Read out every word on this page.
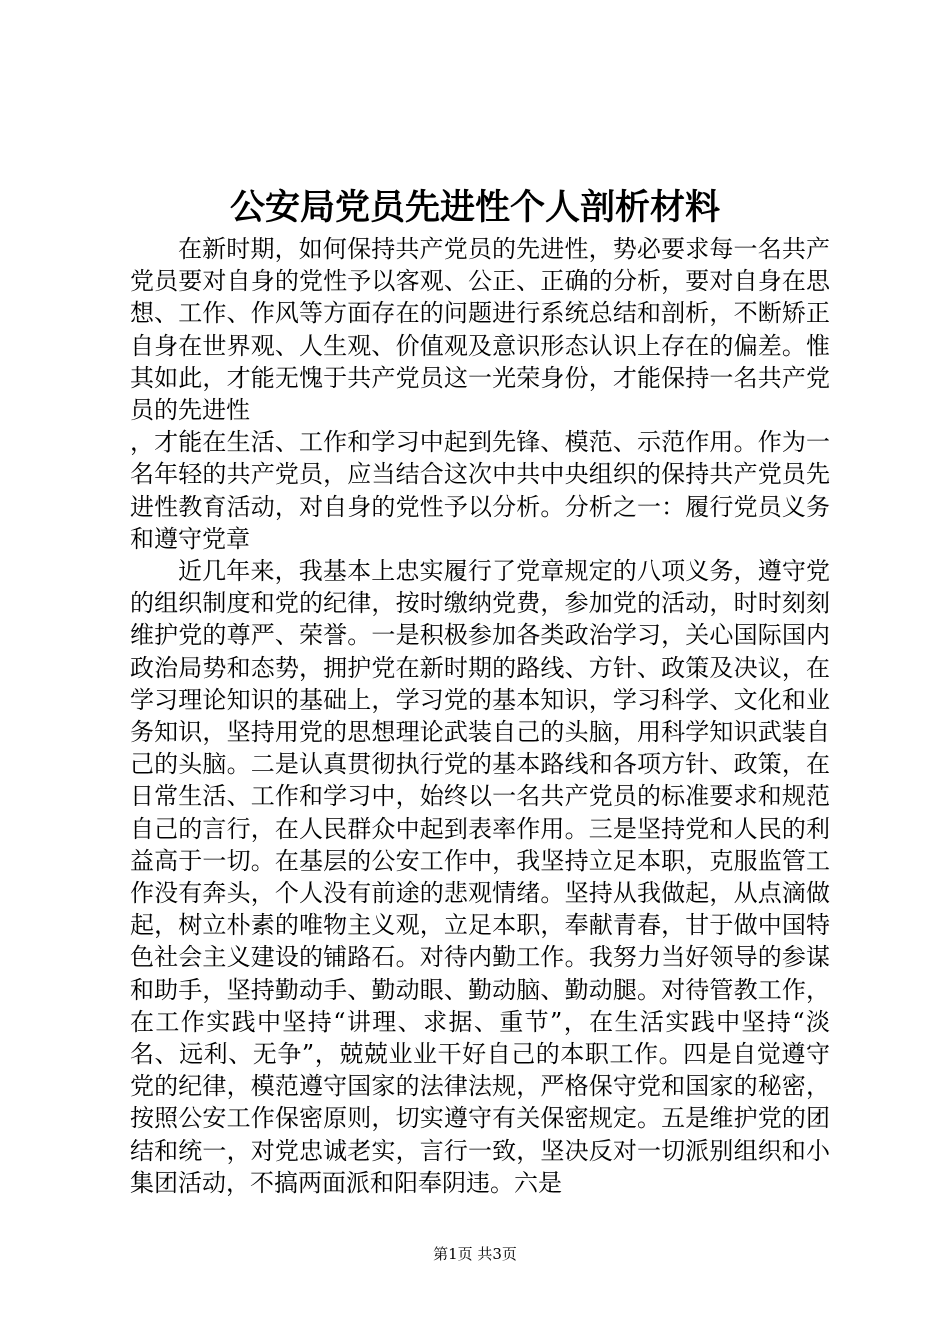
公安局党员先进性个人剖析材料

在新时期，如何保持共产党员的先进性，势必要求每一名共产党员要对自身的党性予以客观、公正、正确的分析，要对自身在思想、工作、作风等方面存在的问题进行系统总结和剖析，不断矫正自身在世界观、人生观、价值观及意识形态认识上存在的偏差。惟其如此，才能无愧于共产党员这一光荣身份，才能保持一名共产党员的先进性

，才能在生活、工作和学习中起到先锋、模范、示范作用。作为一名年轻的共产党员，应当结合这次中共中央组织的保持共产党员先进性教育活动，对自身的党性予以分析。分析之一：履行党员义务和遵守党章

近几年来，我基本上忠实履行了党章规定的八项义务，遵守党的组织制度和党的纪律，按时缴纳党费，参加党的活动，时时刻刻维护党的尊严、荣誉。一是积极参加各类政治学习，关心国际国内政治局势和态势，拥护党在新时期的路线、方针、政策及决议，在学习理论知识的基础上，学习党的基本知识，学习科学、文化和业务知识，坚持用党的思想理论武装自己的头脑，用科学知识武装自己的头脑。二是认真贯彻执行党的基本路线和各项方针、政策，在日常生活、工作和学习中，始终以一名共产党员的标准要求和规范自己的言行，在人民群众中起到表率作用。三是坚持党和人民的利益高于一切。在基层的公安工作中，我坚持立足本职，克服监管工作没有奔头，个人没有前途的悲观情绪。坚持从我做起，从点滴做起，树立朴素的唯物主义观，立足本职，奉献青春，甘于做中国特色社会主义建设的铺路石。对待内勤工作。我努力当好领导的参谋和助手，坚持勤动手、勤动眼、勤动脑、勤动腿。对待管教工作，在工作实践中坚持“讲理、求据、重节”，在生活实践中坚持“淡名、远利、无争”，兢兢业业干好自己的本职工作。四是自觉遵守党的纪律，模范遵守国家的法律法规，严格保守党和国家的秘密，按照公安工作保密原则，切实遵守有关保密规定。五是维护党的团结和统一，对党忠诚老实，言行一致，坚决反对一切派别组织和小集团活动，不搞两面派和阳奉阴违。六是

第1页 共3页
